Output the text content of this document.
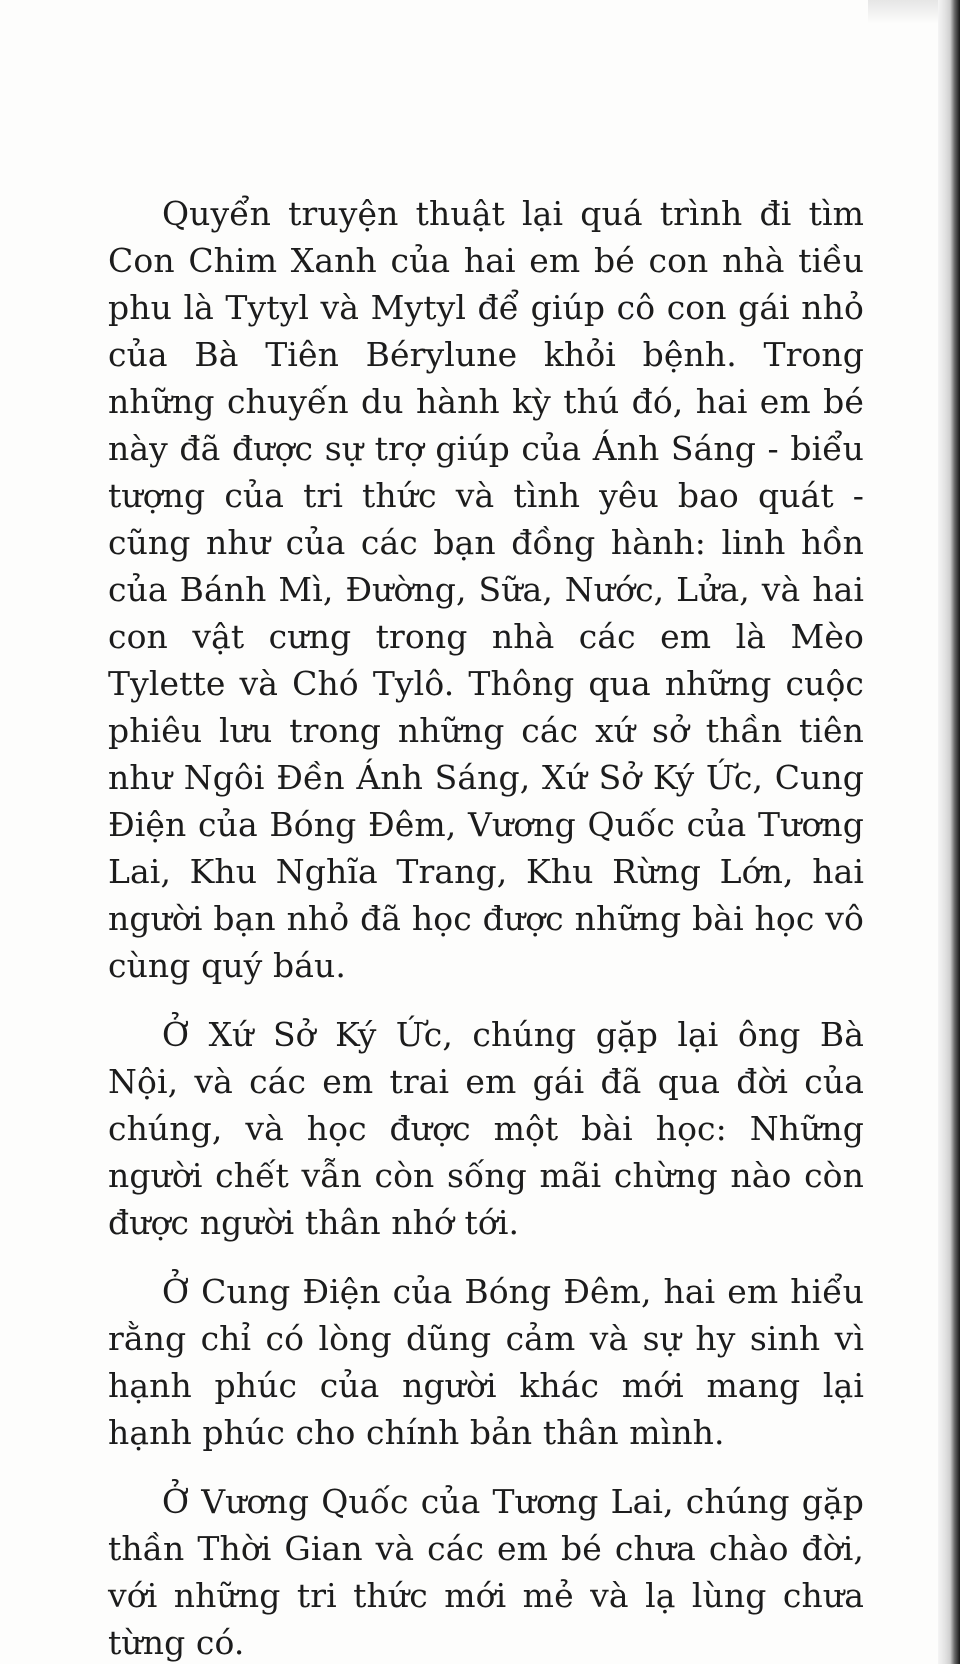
Quyển truyện thuật lại quá trình đi tìm Con Chim Xanh của hai em bé con nhà tiều phu là Tytyl và Mytyl để giúp cô con gái nhỏ của Bà Tiên Bérylune khỏi bệnh. Trong những chuyến du hành kỳ thú đó, hai em bé này đã được sự trợ giúp của Ánh Sáng - biểu tượng của tri thức và tình yêu bao quát - cũng như của các bạn đồng hành: linh hồn của Bánh Mì, Đường, Sữa, Nước, Lửa, và hai con vật cưng trong nhà các em là Mèo Tylette và Chó Tylô. Thông qua những cuộc phiêu lưu trong những các xứ sở thần tiên như Ngôi Đền Ánh Sáng, Xứ Sở Ký Ức, Cung Điện của Bóng Đêm, Vương Quốc của Tương Lai, Khu Nghĩa Trang, Khu Rừng Lớn, hai người bạn nhỏ đã học được những bài học vô cùng quý báu.

Ở Xứ Sở Ký Ức, chúng gặp lại ông Bà Nội, và các em trai em gái đã qua đời của chúng, và học được một bài học: Những người chết vẫn còn sống mãi chừng nào còn được người thân nhớ tới.

Ở Cung Điện của Bóng Đêm, hai em hiểu rằng chỉ có lòng dũng cảm và sự hy sinh vì hạnh phúc của người khác mới mang lại hạnh phúc cho chính bản thân mình.

Ở Vương Quốc của Tương Lai, chúng gặp thần Thời Gian và các em bé chưa chào đời, với những tri thức mới mẻ và lạ lùng chưa từng có.
